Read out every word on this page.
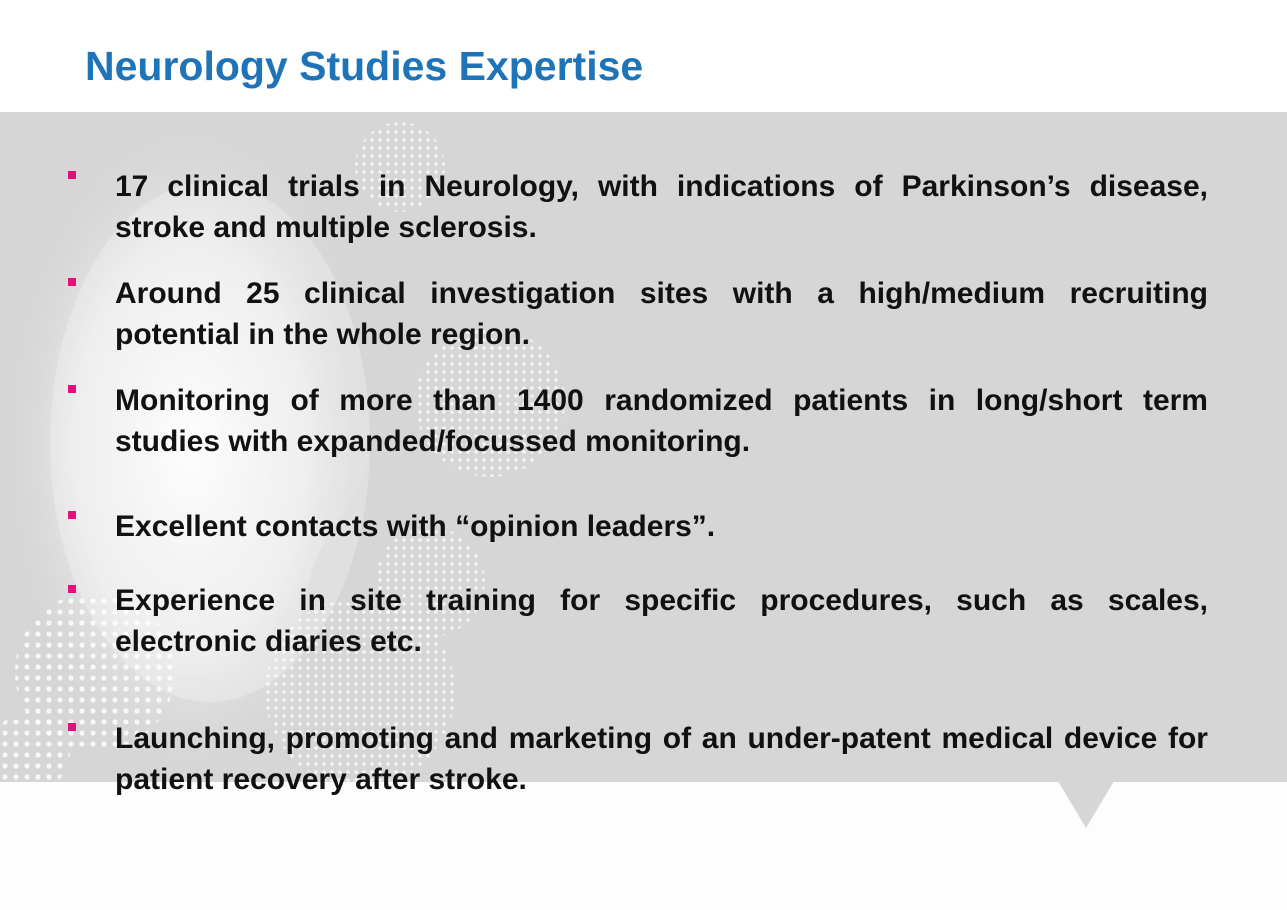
Neurology Studies Expertise
17 clinical trials in Neurology, with indications of Parkinson’s disease, stroke and multiple sclerosis.
Around 25 clinical investigation sites with a high/medium recruiting potential in the whole region.
Monitoring of more than 1400 randomized patients in long/short term studies with expanded/focussed monitoring.
Excellent contacts with “opinion leaders”.
Experience in site training for specific procedures, such as scales, electronic diaries etc.
Launching, promoting and marketing of an under-patent medical device for patient recovery after stroke.
